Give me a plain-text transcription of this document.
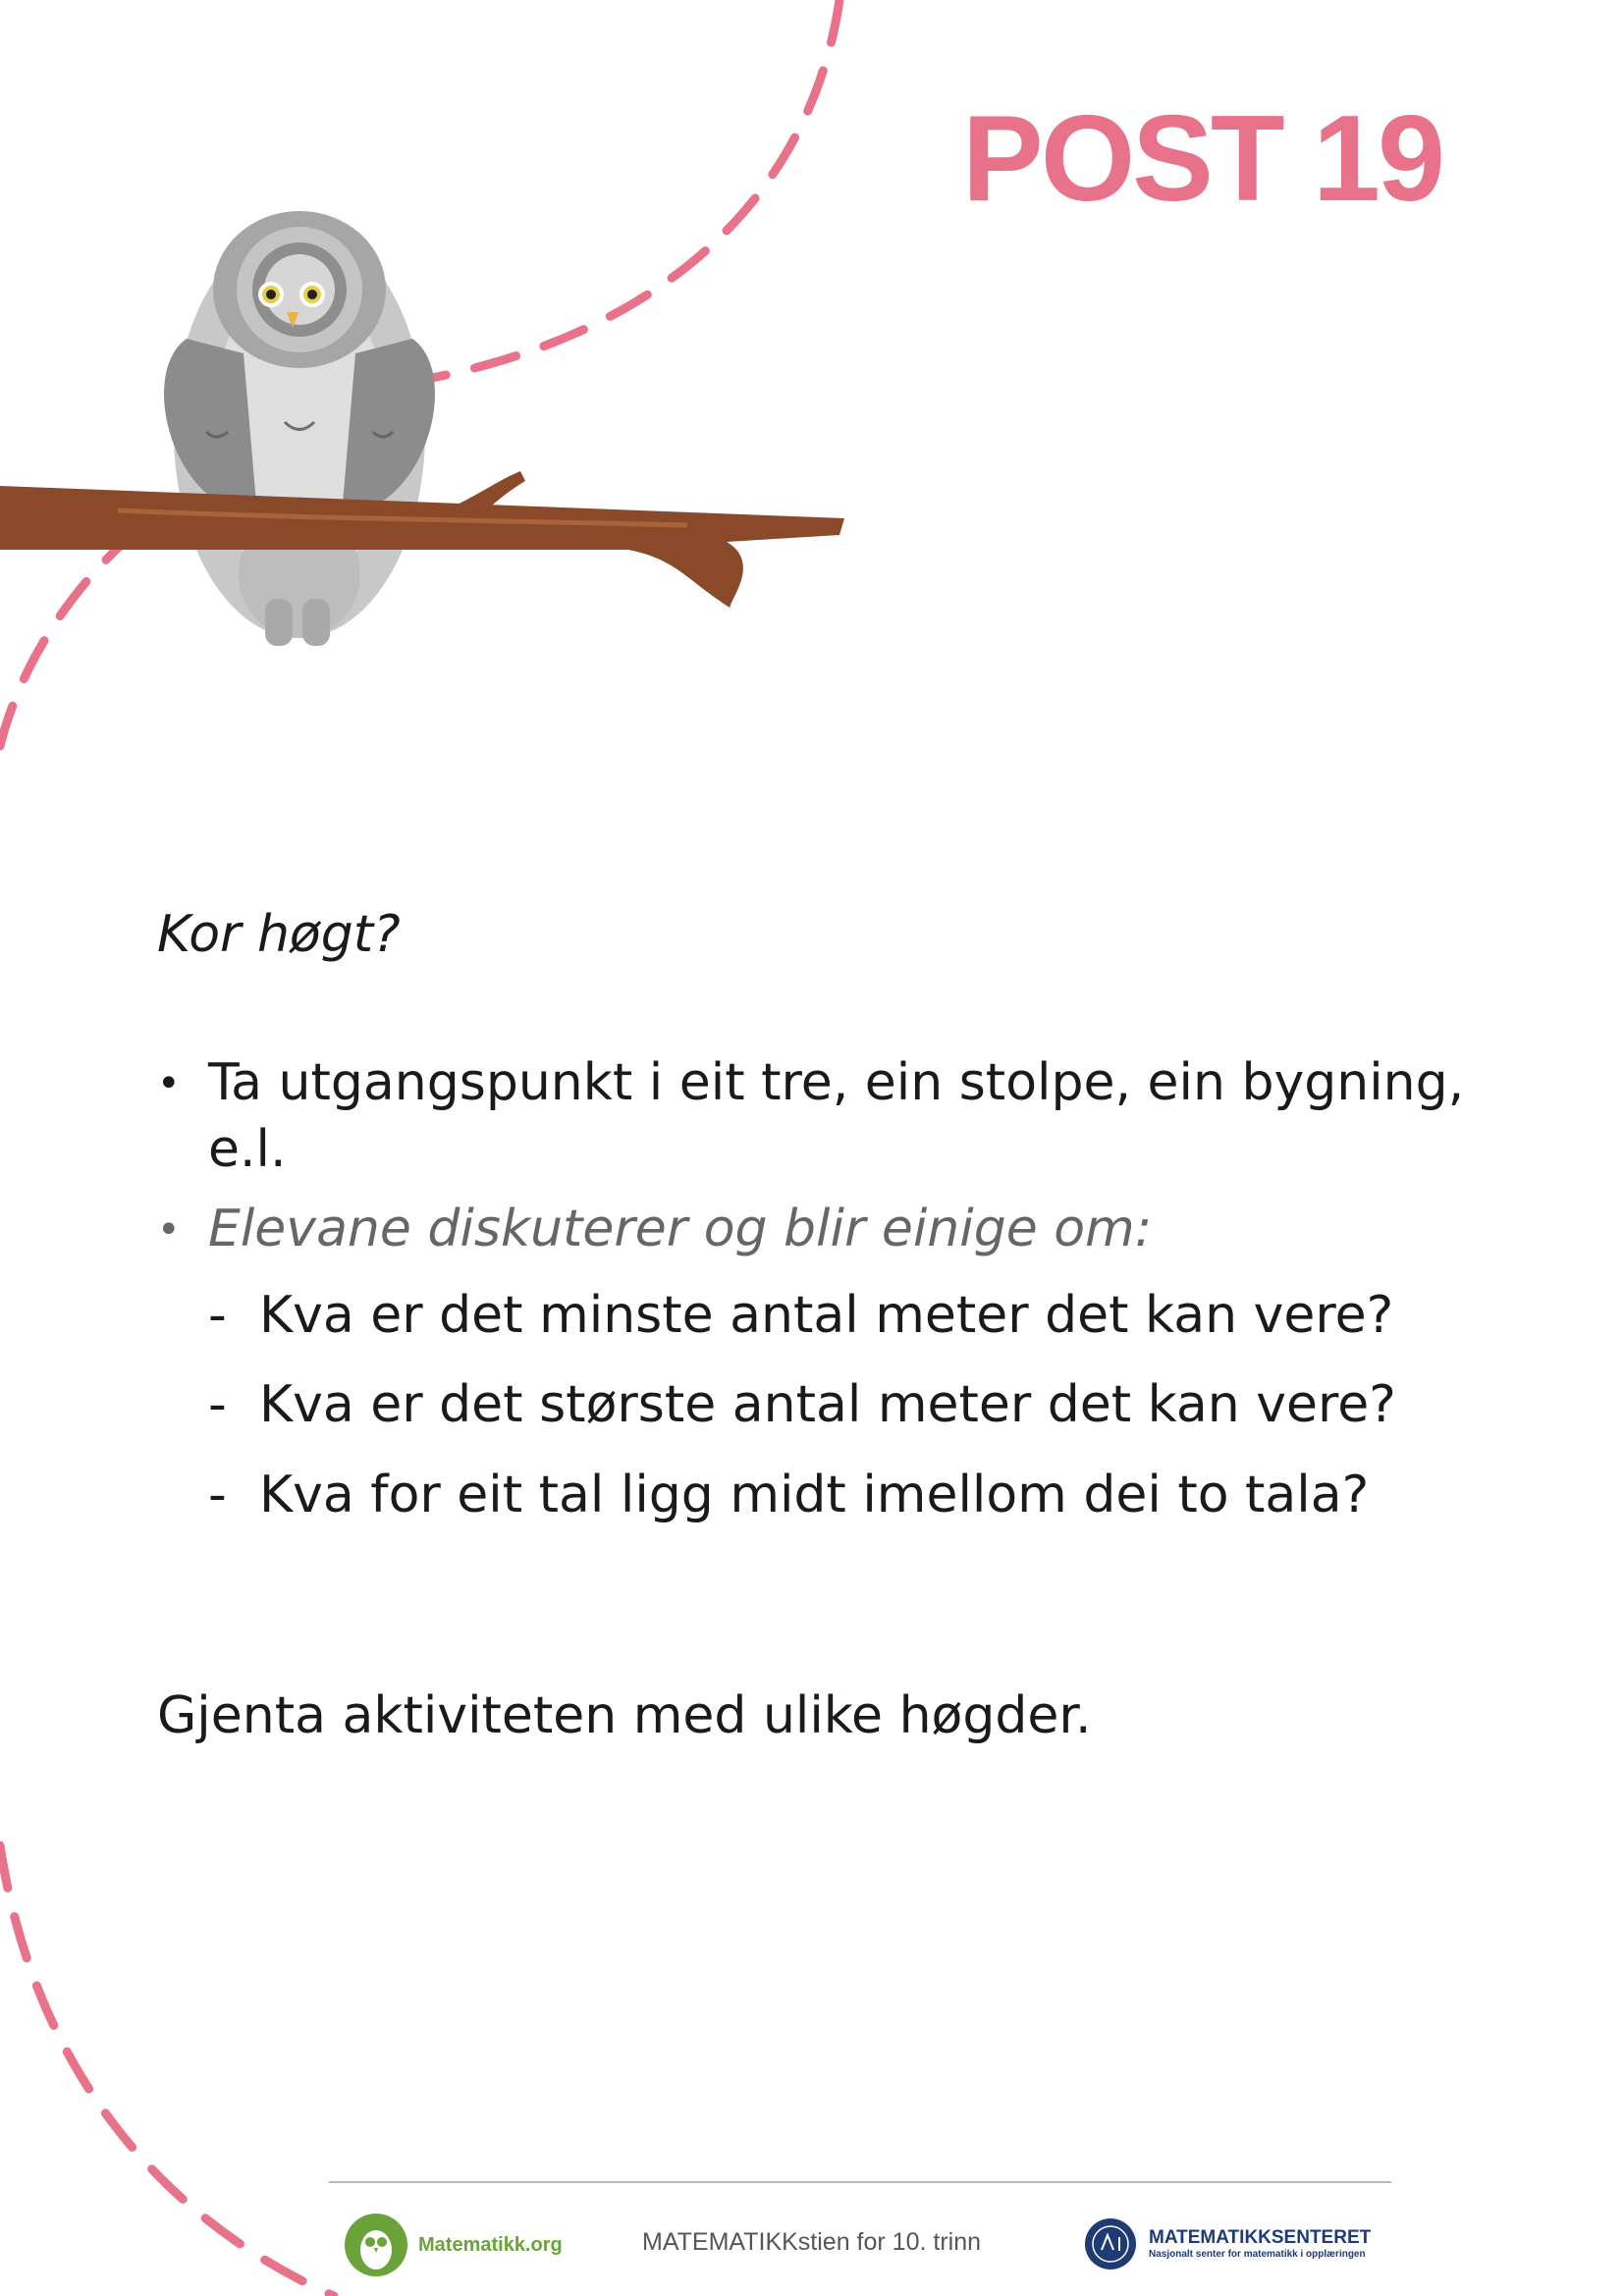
POST 19
Kor høgt?
• Ta utgangspunkt i eit tre, ein stolpe, ein bygning, e.l.
• Elevane diskuterer og blir einige om:
- Kva er det minste antal meter det kan vere?
- Kva er det største antal meter det kan vere?
- Kva for eit tal ligg midt imellom dei to tala?
Gjenta aktiviteten med ulike høgder.
Matematikk.org	MATEMATIKKstien for 10. trinn	MATEMATIKKSENTERET
Nasjonalt senter for matematikk i opplæringen
